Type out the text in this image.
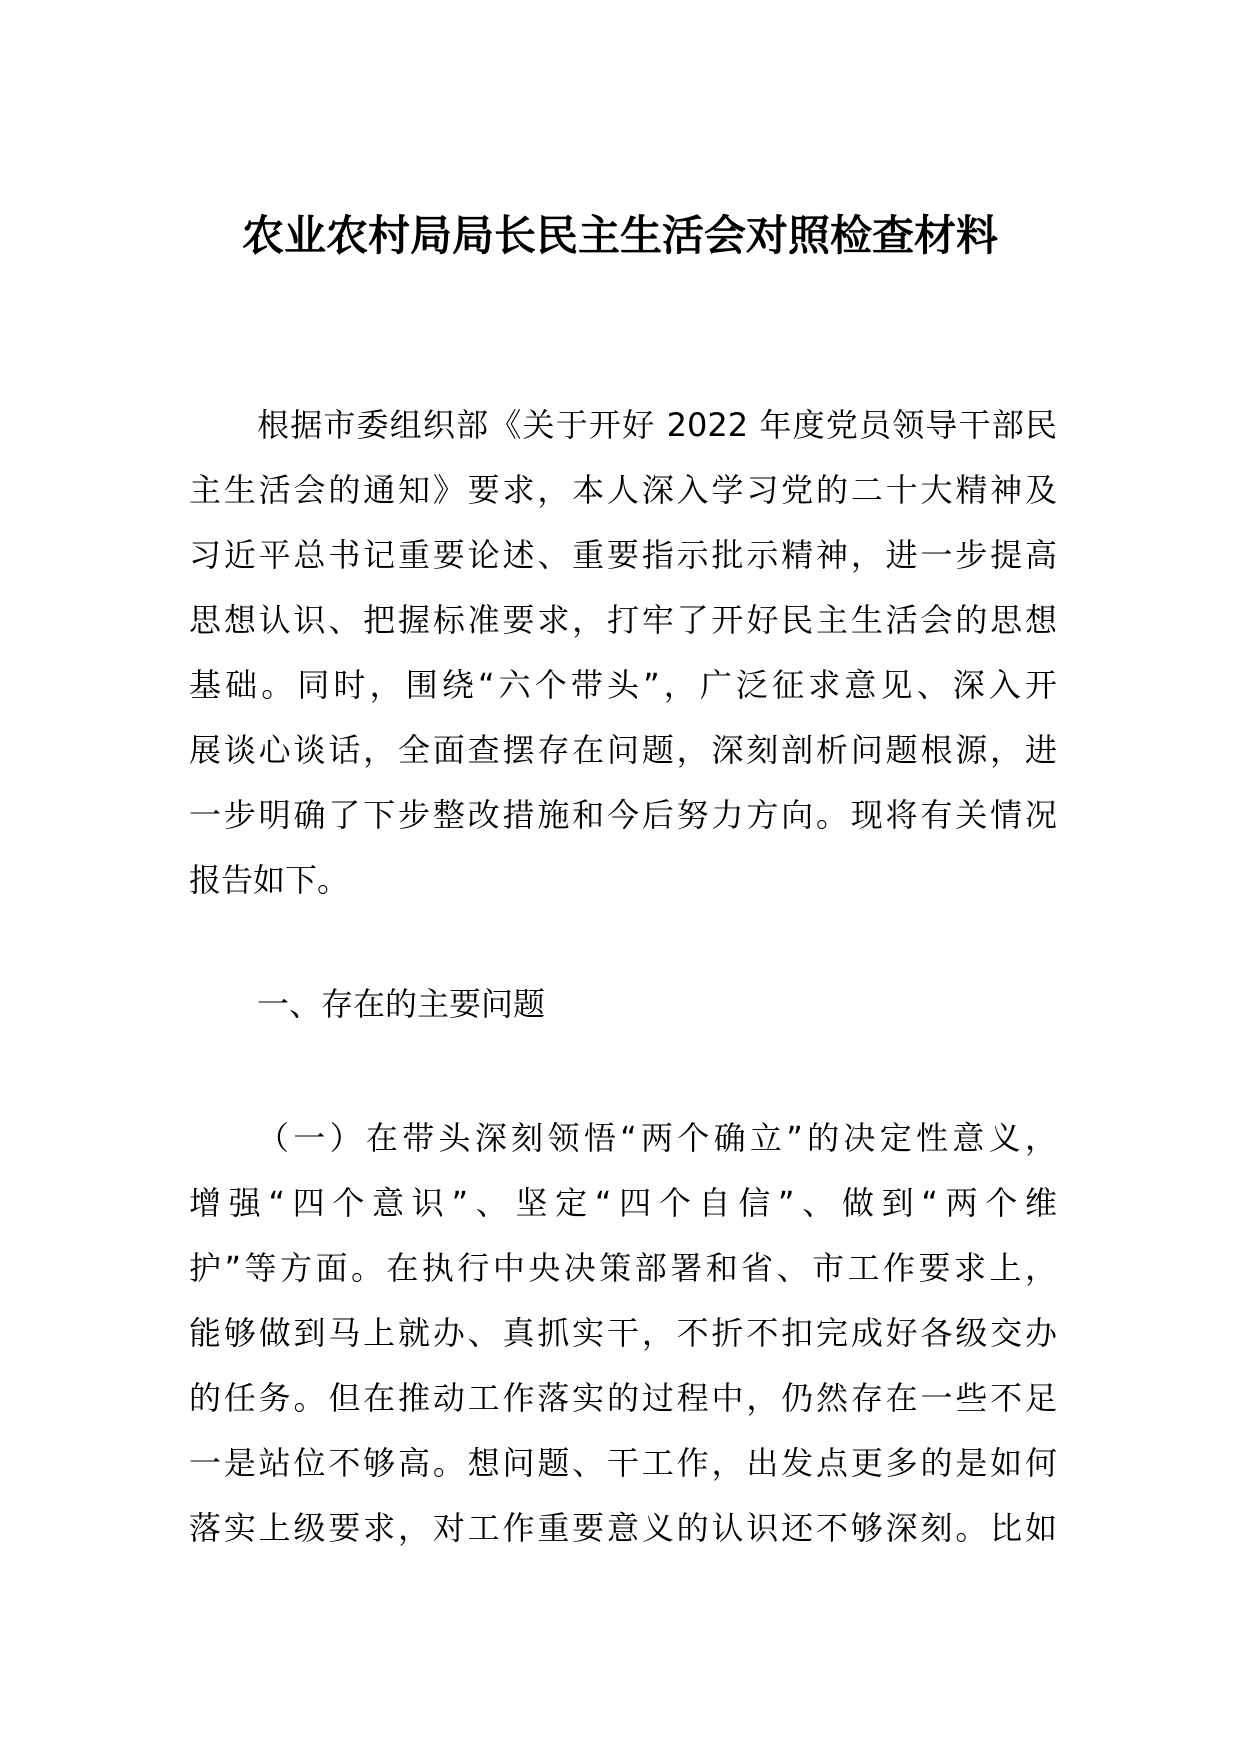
农业农村局局长民主生活会对照检查材料
根据市委组织部《关于开好 2022 年度党员领导干部民
主生活会的通知》要求，本人深入学习党的二十大精神及
习近平总书记重要论述、重要指示批示精神，进一步提高
思想认识、把握标准要求，打牢了开好民主生活会的思想
基础。同时，围绕“六个带头”，广泛征求意见、深入开
展谈心谈话，全面查摆存在问题，深刻剖析问题根源，进
一步明确了下步整改措施和今后努力方向。现将有关情况
报告如下。
一、存在的主要问题
（一）在带头深刻领悟“两个确立”的决定性意义，
增强“四个意识”、坚定“四个自信”、做到“两个维
护”等方面。在执行中央决策部署和省、市工作要求上，
能够做到马上就办、真抓实干，不折不扣完成好各级交办
的任务。但在推动工作落实的过程中，仍然存在一些不足
一是站位不够高。想问题、干工作，出发点更多的是如何
落实上级要求，对工作重要意义的认识还不够深刻。比如
